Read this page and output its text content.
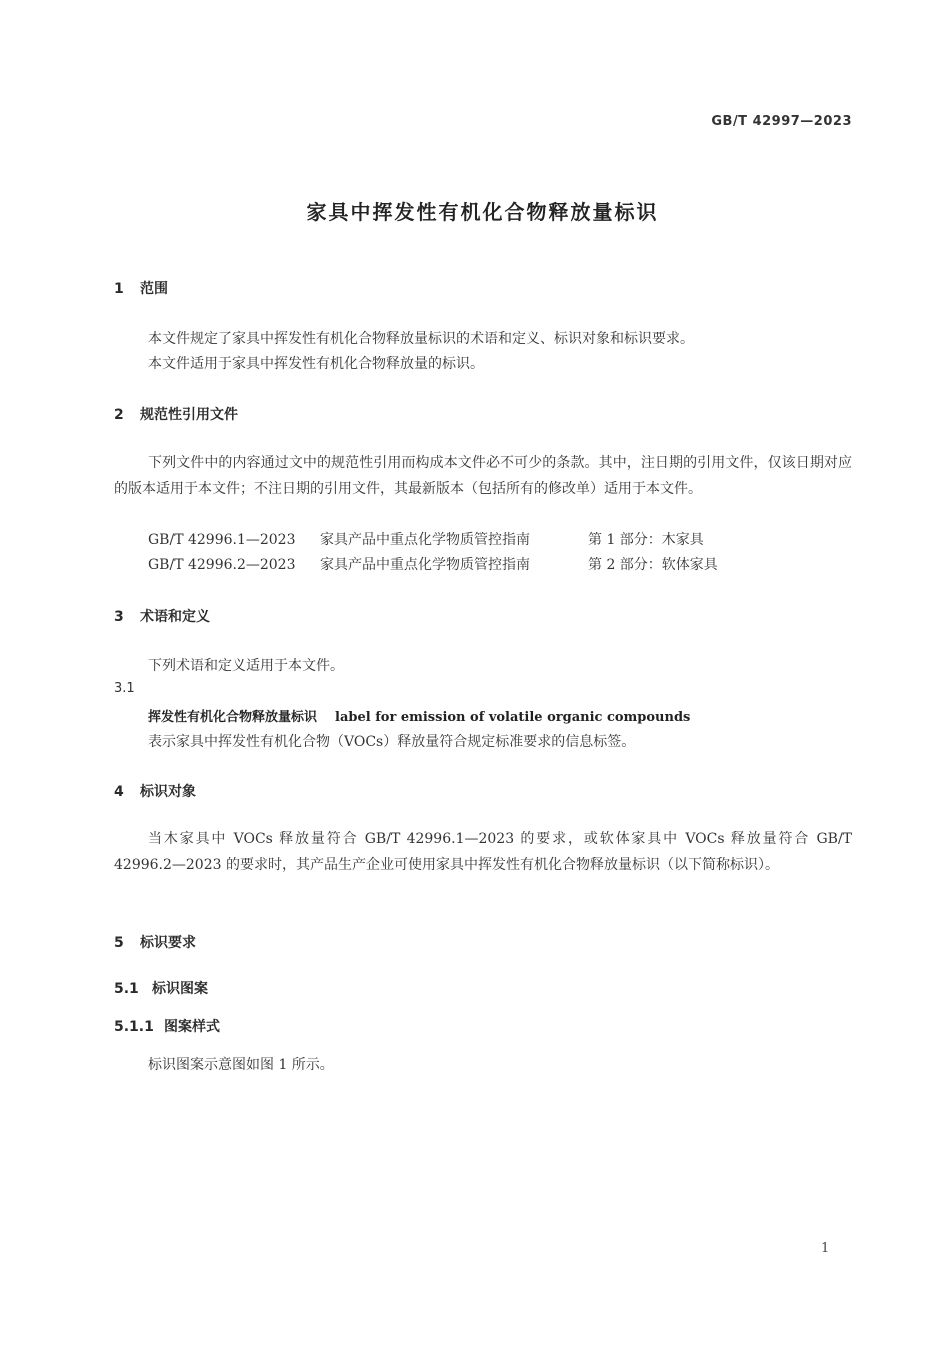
GB/T 42997—2023
家具中挥发性有机化合物释放量标识
1 范围
本文件规定了家具中挥发性有机化合物释放量标识的术语和定义、标识对象和标识要求。
本文件适用于家具中挥发性有机化合物释放量的标识。
2 规范性引用文件
下列文件中的内容通过文中的规范性引用而构成本文件必不可少的条款。其中，注日期的引用文件，仅该日期对应的版本适用于本文件；不注日期的引用文件，其最新版本（包括所有的修改单）适用于本文件。
GB/T 42996.1—2023 家具产品中重点化学物质管控指南	第 1 部分：木家具
GB/T 42996.2—2023 家具产品中重点化学物质管控指南	第 2 部分：软体家具
3 术语和定义
下列术语和定义适用于本文件。
3.1
挥发性有机化合物释放量标识 label for emission of volatile organic compounds
表示家具中挥发性有机化合物（VOCs）释放量符合规定标准要求的信息标签。
4 标识对象
当木家具中 VOCs 释放量符合 GB/T 42996.1—2023 的要求，或软体家具中 VOCs 释放量符合 GB/T 42996.2—2023 的要求时，其产品生产企业可使用家具中挥发性有机化合物释放量标识（以下简称标识）。
5 标识要求
5.1 标识图案
5.1.1 图案样式
标识图案示意图如图 1 所示。
1
